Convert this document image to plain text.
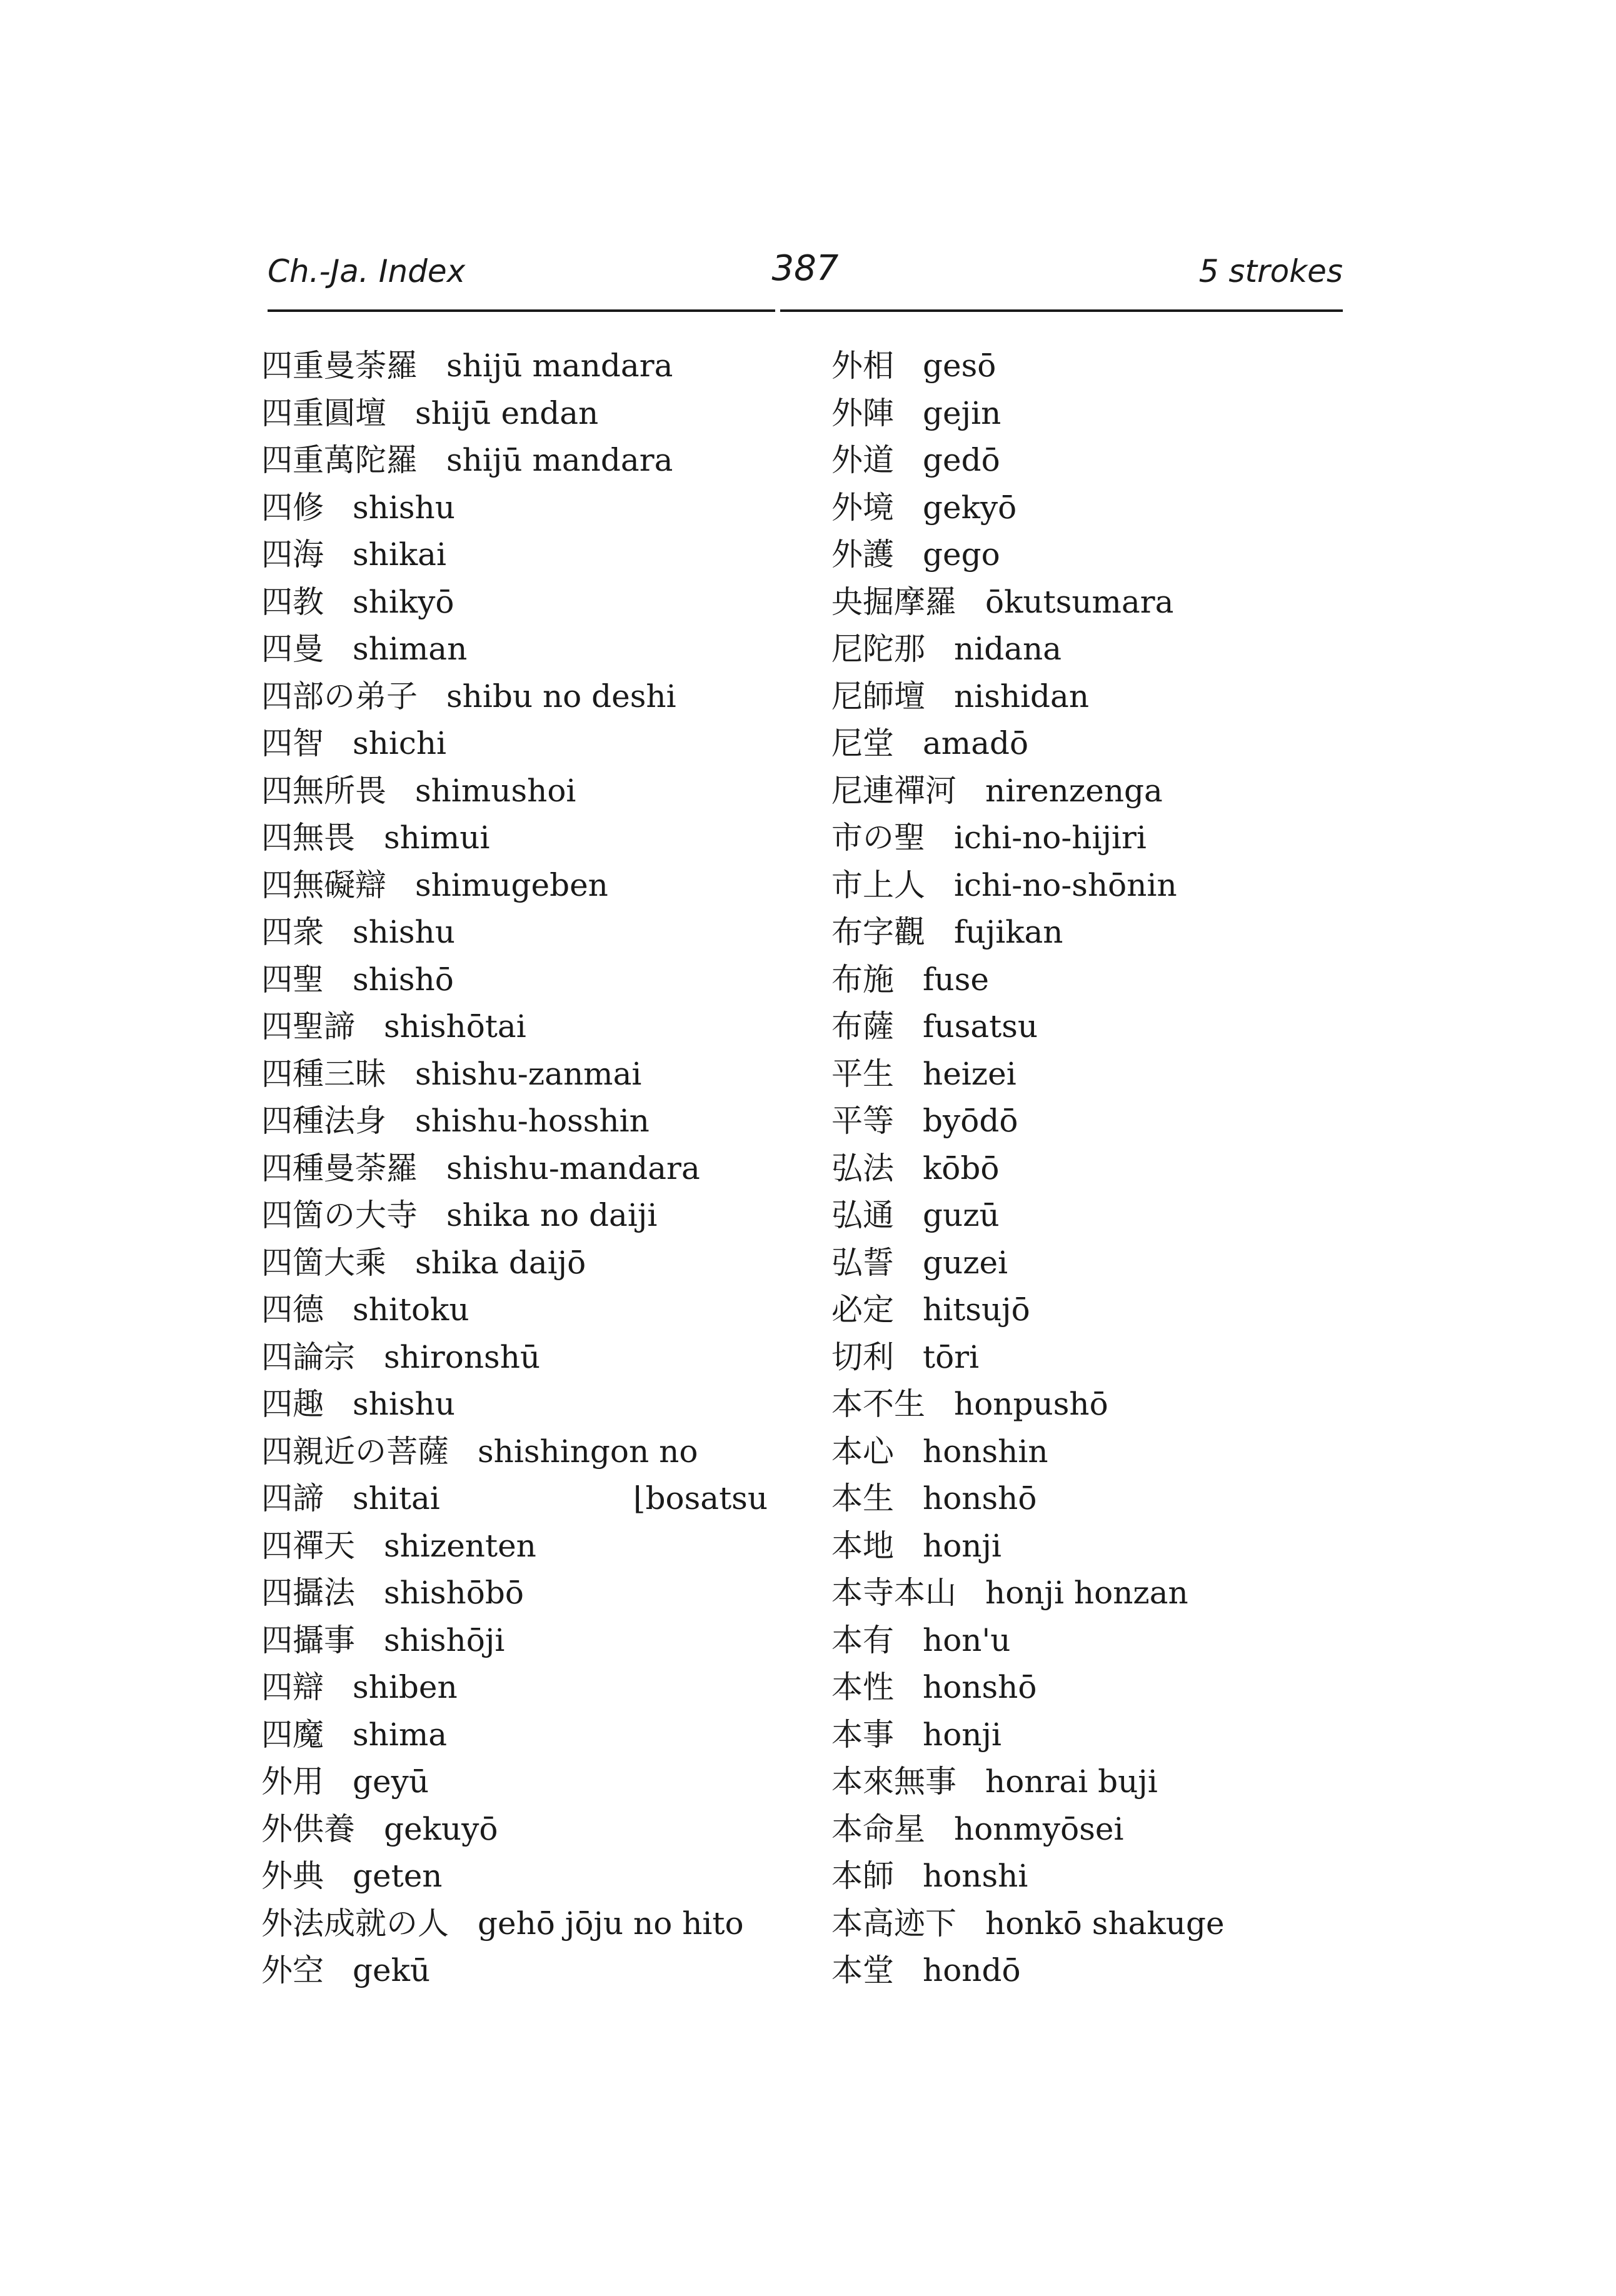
Ch.-Ja. Index	387	5 strokes
四重曼荼羅 shijū mandara
四重圓壇 shijū endan
四重萬陀羅 shijū mandara
四修 shishu
四海 shikai
四教 shikyō
四曼 shiman
四部の弟子 shibu no deshi
四智 shichi
四無所畏 shimushoi
四無畏 shimui
四無礙辯 shimugeben
四衆 shishu
四聖 shishō
四聖諦 shishōtai
四種三昧 shishu-zanmai
四種法身 shishu-hosshin
四種曼荼羅 shishu-mandara
四箇の大寺 shika no daiji
四箇大乘 shika daijō
四德 shitoku
四論宗 shironshū
四趣 shishu
四親近の菩薩 shishingon no
四諦 shitai	⌊bosatsu
四禪天 shizenten
四攝法 shishōbō
四攝事 shishōji
四辯 shiben
四魔 shima
外用 geyū
外供養 gekuyō
外典 geten
外法成就の人 gehō jōju no hito
外空 gekū
外相 gesō
外陣 gejin
外道 gedō
外境 gekyō
外護 gego
央掘摩羅 ōkutsumara
尼陀那 nidana
尼師壇 nishidan
尼堂 amadō
尼連禪河 nirenzenga
市の聖 ichi-no-hijiri
市上人 ichi-no-shōnin
布字觀 fujikan
布施 fuse
布薩 fusatsu
平生 heizei
平等 byōdō
弘法 kōbō
弘通 guzū
弘誓 guzei
必定 hitsujō
切利 tōri
本不生 honpushō
本心 honshin
本生 honshō
本地 honji
本寺本山 honji honzan
本有 hon'u
本性 honshō
本事 honji
本來無事 honrai buji
本命星 honmyōsei
本師 honshi
本高迹下 honkō shakuge
本堂 hondō
